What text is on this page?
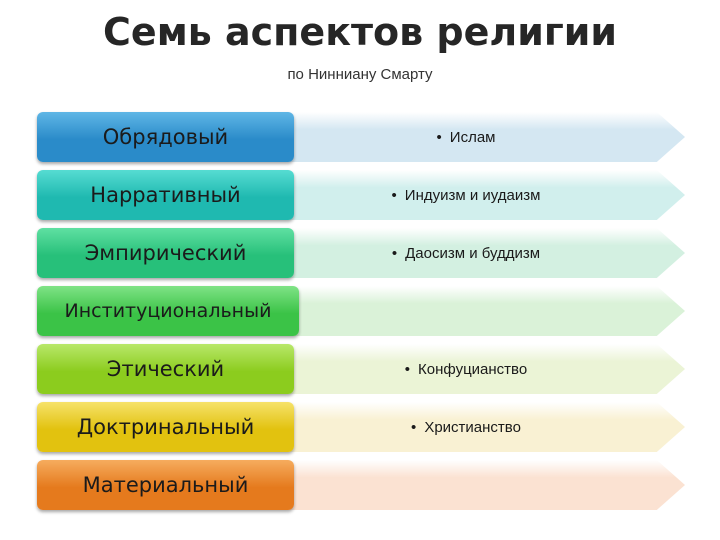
Семь аспектов религии
по Нинниану Смарту
• Ислам
Обрядовый
• Индуизм и иудаизм
Нарративный
• Даосизм и буддизм
Эмпирический
Институциональный
• Конфуцианство
Этический
• Христианство
Доктринальный
Материальный
